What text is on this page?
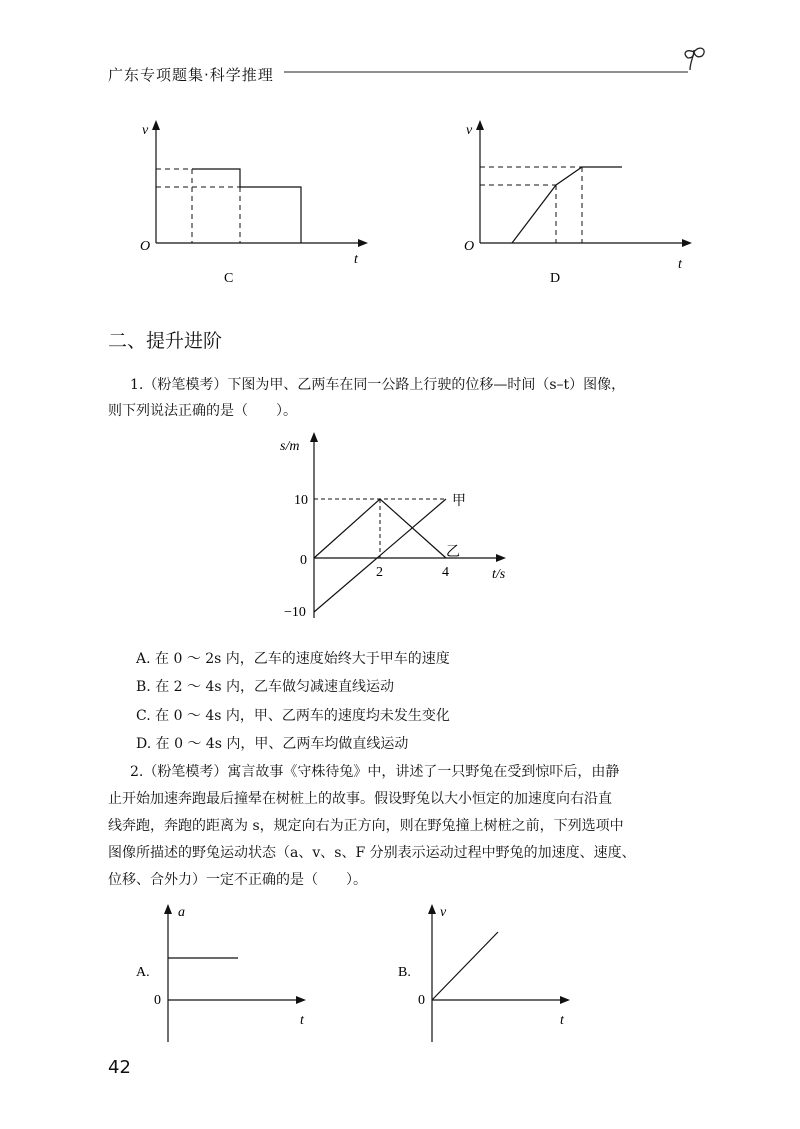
广东专项题集·科学推理
v
O
t
C
v
O
t
D
二、提升进阶
1.（粉笔模考）下图为甲、乙两车在同一公路上行驶的位移—时间（s–t）图像，
则下列说法正确的是（　　）。
s/m
10
0
−10
2	4	t/s
甲
乙
A. 在 0 ～ 2s 内，乙车的速度始终大于甲车的速度
B. 在 2 ～ 4s 内，乙车做匀减速直线运动
C. 在 0 ～ 4s 内，甲、乙两车的速度均未发生变化
D. 在 0 ～ 4s 内，甲、乙两车均做直线运动
2.（粉笔模考）寓言故事《守株待兔》中，讲述了一只野兔在受到惊吓后，由静
止开始加速奔跑最后撞晕在树桩上的故事。假设野兔以大小恒定的加速度向右沿直
线奔跑，奔跑的距离为 s，规定向右为正方向，则在野兔撞上树桩之前，下列选项中
图像所描述的野兔运动状态（a、v、s、F 分别表示运动过程中野兔的加速度、速度、
位移、合外力）一定不正确的是（　　）。
a
A.
0
t
v
B.
0
t
42
